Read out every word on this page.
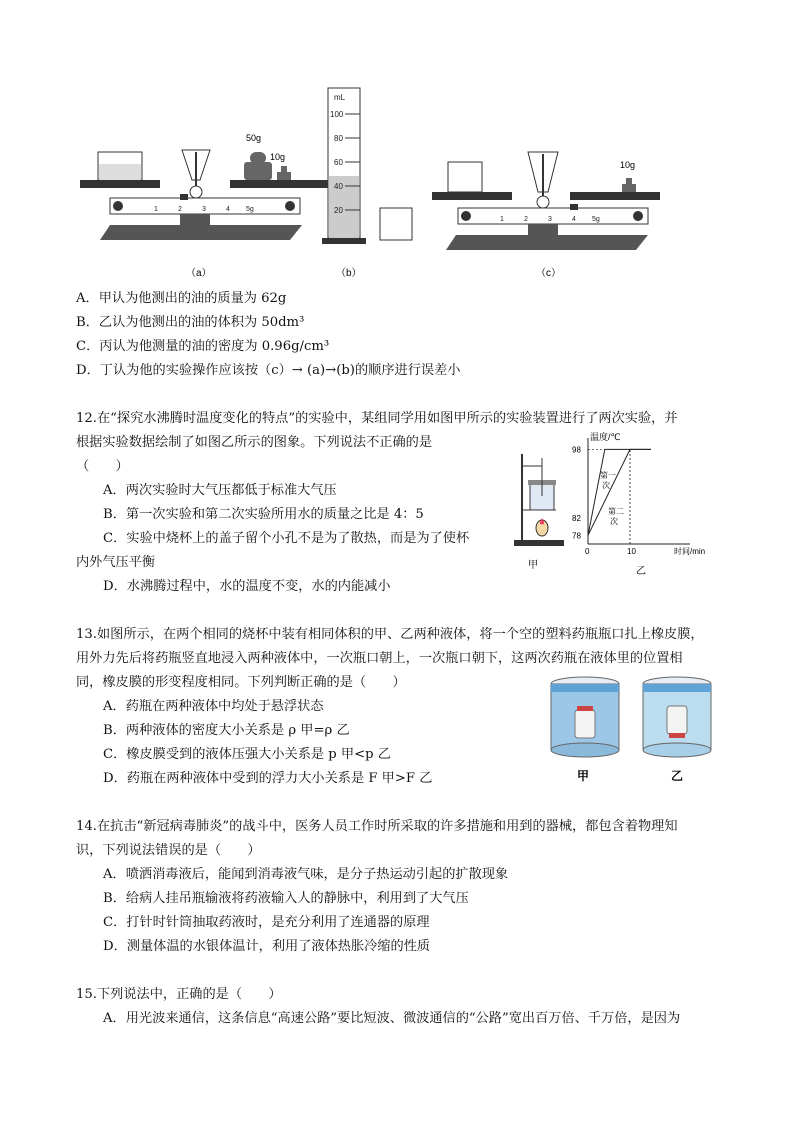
1	2	3	4 5g
50g
10g
（a）
mL
100
80
60
40
20
（b）
1	2	3	4 5g
10g
（c）
A．甲认为他测出的油的质量为 62g
B．乙认为他测出的油的体积为 50dm³
C．丙认为他测量的油的密度为 0.96g/cm³
D．丁认为他的实验操作应该按（c）→ (a)→(b)的顺序进行误差小
12.在“探究水沸腾时温度变化的特点”的实验中，某组同学用如图甲所示的实验装置进行了两次实验，并
根据实验数据绘制了如图乙所示的图象。下列说法不正确的是
（　　）
A．两次实验时大气压都低于标准大气压
B．第一次实验和第二次实验所用水的质量之比是 4：5
C．实验中烧杯上的盖子留个小孔不是为了散热，而是为了使杯
内外气压平衡
D．水沸腾过程中，水的温度不变，水的内能减小
甲
98
82
78
0	10
温度/℃
时间/min
第一
次
第二
次
乙
13.如图所示，在两个相同的烧杯中装有相同体积的甲、乙两种液体，将一个空的塑料药瓶瓶口扎上橡皮膜，
用外力先后将药瓶竖直地浸入两种液体中，一次瓶口朝上，一次瓶口朝下，这两次药瓶在液体里的位置相
同，橡皮膜的形变程度相同。下列判断正确的是（　　）
A．药瓶在两种液体中均处于悬浮状态
B．两种液体的密度大小关系是 ρ 甲=ρ 乙
C．橡皮膜受到的液体压强大小关系是 p 甲<p 乙
D．药瓶在两种液体中受到的浮力大小关系是 F 甲>F 乙	甲	乙
14.在抗击“新冠病毒肺炎”的战斗中，医务人员工作时所采取的许多措施和用到的器械，都包含着物理知
识，下列说法错误的是（　　）
A．喷洒消毒液后，能闻到消毒液气味，是分子热运动引起的扩散现象
B．给病人挂吊瓶输液将药液输入人的静脉中，利用到了大气压
C．打针时针筒抽取药液时，是充分利用了连通器的原理
D．测量体温的水银体温计，利用了液体热胀冷缩的性质
15.下列说法中，正确的是（　　）
A．用光波来通信，这条信息“高速公路”要比短波、微波通信的“公路”宽出百万倍、千万倍，是因为
